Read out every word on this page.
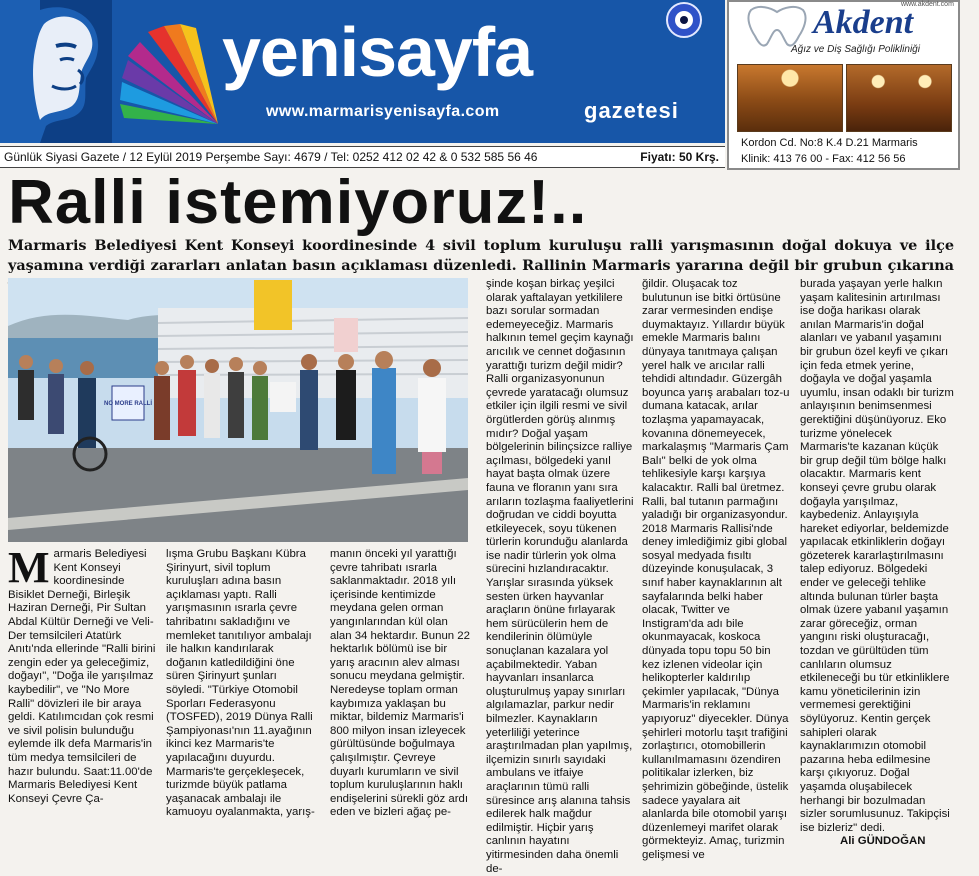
yenisayfa
www.marmarisyenisayfa.com	gazetesi
www.akdent.com
Akdent
Ağız ve Diş Sağlığı Polikliniği
Kordon Cd. No:8 K.4 D.21 Marmaris
Klinik: 413 76 00 - Fax: 412 56 56
Günlük Siyasi Gazete / 12 Eylül 2019 Perşembe Sayı: 4679 / Tel: 0252 412 02 42 & 0 532 585 56 46	Fiyatı: 50 Krş.
Ralli istemiyoruz!..
Marmaris Belediyesi Kent Konseyi koordinesinde 4 sivil toplum kuruluşu ralli yarışmasının doğal dokuya ve ilçe yaşamına verdiği zararları anlatan basın açıklaması düzenledi. Rallinin Marmaris yararına değil bir grubun çıkarına
NO MORE RALLİ

Marmaris Belediyesi Kent Konseyi koordinesinde Bisiklet Derneği, Birleşik Haziran Derneği, Pir Sultan Abdal Kültür Derneği ve Veli-Der temsilcileri Atatürk Anıtı'nda ellerinde "Ralli birini zengin eder ya geleceğimiz, doğayı", "Doğa ile yarışılmaz kaybedilir", ve "No More Ralli" dövizleri ile bir araya geldi. Katılımcıdan çok resmi ve sivil polisin bulunduğu eylemde ilk defa Marmaris'in tüm medya temsilcileri de hazır bulundu. Saat:11.00'de Marmaris Belediyesi Kent Konseyi Çevre Ça-

lışma Grubu Başkanı Kübra Şirinyurt, sivil toplum kuruluşları adına basın açıklaması yaptı. Ralli yarışmasının ısrarla çevre tahribatını sakladığını ve memleket tanıtılıyor ambalajı ile halkın kandırılarak doğanın katledildiğini öne süren Şirinyurt şunları söyledi. "Türkiye Otomobil Sporları Federasyonu (TOSFED), 2019 Dünya Ralli Şampiyonası'nın 11.ayağının ikinci kez Marmaris'te yapılacağını duyurdu. Marmaris'te gerçekleşecek, turizmde büyük patlama yaşanacak ambalajı ile kamuoyu oyalanmakta, yarış-

manın önceki yıl yarattığı çevre tahribatı ısrarla saklanmaktadır. 2018 yılı içerisinde kentimizde meydana gelen orman yangınlarından kül olan alan 34 hektardır. Bunun 22 hektarlık bölümü ise bir yarış aracının alev alması sonucu meydana gelmiştir. Neredeyse toplam orman kaybımıza yaklaşan bu miktar, bildemiz Marmaris'i 800 milyon insan izleyecek gürültüsünde boğulmaya çalışılmıştır. Çevreye duyarlı kurumların ve sivil toplum kuruluşlarının haklı endişelerini sürekli göz ardı eden ve bizleri ağaç pe-

şinde koşan birkaç yeşilci olarak yaftalayan yetkililere bazı sorular sormadan edemeyeceğiz. Marmaris halkının temel geçim kaynağı arıcılık ve cennet doğasının yarattığı turizm değil midir? Ralli organizasyonunun çevrede yaratacağı olumsuz etkiler için ilgili resmi ve sivil örgütlerden görüş alınmış mıdır? Doğal yaşam bölgelerinin bilinçsizce ralliye açılması, bölgedeki yanıl hayat başta olmak üzere fauna ve floranın yanı sıra arıların tozlaşma faaliyetlerini doğrudan ve ciddi boyutta etkileyecek, soyu tükenen türlerin korunduğu alanlarda ise nadir türlerin yok olma sürecini hızlandıracaktır. Yarışlar sırasında yüksek sesten ürken hayvanlar araçların önüne fırlayarak hem sürücülerin hem de kendilerinin ölümüyle sonuçlanan kazalara yol açabilmektedir. Yaban hayvanları insanlarca oluşturulmuş yapay sınırları algılamazlar, parkur nedir bilmezler. Kaynakların yeterliliği yeterince araştırılmadan plan yapılmış, ilçemizin sınırlı sayıdaki ambulans ve itfaiye araçlarının tümü ralli süresince arış alanına tahsis edilerek halk mağdur edilmiştir. Hiçbir yarış canlının hayatını yitirmesinden daha önemli de-

ğildir. Oluşacak toz bulutunun ise bitki örtüsüne zarar vermesinden endişe duymaktayız. Yıllardır büyük emekle Marmaris balını dünyaya tanıtmaya çalışan yerel halk ve arıcılar ralli tehdidi altındadır. Güzergâh boyunca yarış arabaları toz-u dumana katacak, arılar tozlaşma yapamayacak, kovanına dönemeyecek, markalaşmış "Marmaris Çam Balı" belki de yok olma tehlikesiyle karşı karşıya kalacaktır. Ralli bal üretmez. Ralli, bal tutanın parmağını yaladığı bir organizasyondur. 2018 Marmaris Rallisi'nde deney imlediğimiz gibi global sosyal medyada fısıltı düzeyinde konuşulacak, 3 sınıf haber kaynaklarının alt sayfalarında belki haber olacak, Twitter ve Instigram'da adı bile okunmayacak, koskoca dünyada topu topu 50 bin kez izlenen videolar için helikopterler kaldırılıp çekimler yapılacak, "Dünya Marmaris'in reklamını yapıyoruz" diyecekler. Dünya şehirleri motorlu taşıt trafiğini zorlaştırıcı, otomobillerin kullanılmamasını özendiren politikalar izlerken, biz şehrimizin göbeğinde, üstelik sadece yayalara ait alanlarda bile otomobil yarışı düzenlemeyi marifet olarak görmekteyiz. Amaç, turizmin gelişmesi ve

burada yaşayan yerle halkın yaşam kalitesinin artırılması ise doğa harikası olarak anılan Marmaris'in doğal alanları ve yabanıl yaşamını bir grubun özel keyfi ve çıkarı için feda etmek yerine, doğayla ve doğal yaşamla uyumlu, insan odaklı bir turizm anlayışının benimsenmesi gerektiğini düşünüyoruz. Eko turizme yönelecek Marmaris'te kazanan küçük bir grup değil tüm bölge halkı olacaktır. Marmaris kent konseyi çevre grubu olarak doğayla yarışılmaz, kaybedeniz. Anlayışıyla hareket ediyorlar, beldemizde yapılacak etkinliklerin doğayı gözeterek kararlaştırılmasını talep ediyoruz. Bölgedeki ender ve geleceği tehlike altında bulunan türler başta olmak üzere yabanıl yaşamın zarar göreceğiz, orman yangını riski oluşturacağı, tozdan ve gürültüden tüm canlıların olumsuz etkileneceği bu tür etkinliklere kamu yöneticilerinin izin vermemesi gerektiğini söylüyoruz. Kentin gerçek sahipleri olarak kaynaklarımızın otomobil pazarına heba edilmesine karşı çıkıyoruz. Doğal yaşamda oluşabilecek herhangi bir bozulmadan sizler sorumlusunuz. Takipçisi ise bizleriz" dedi.

Ali GÜNDOĞAN
